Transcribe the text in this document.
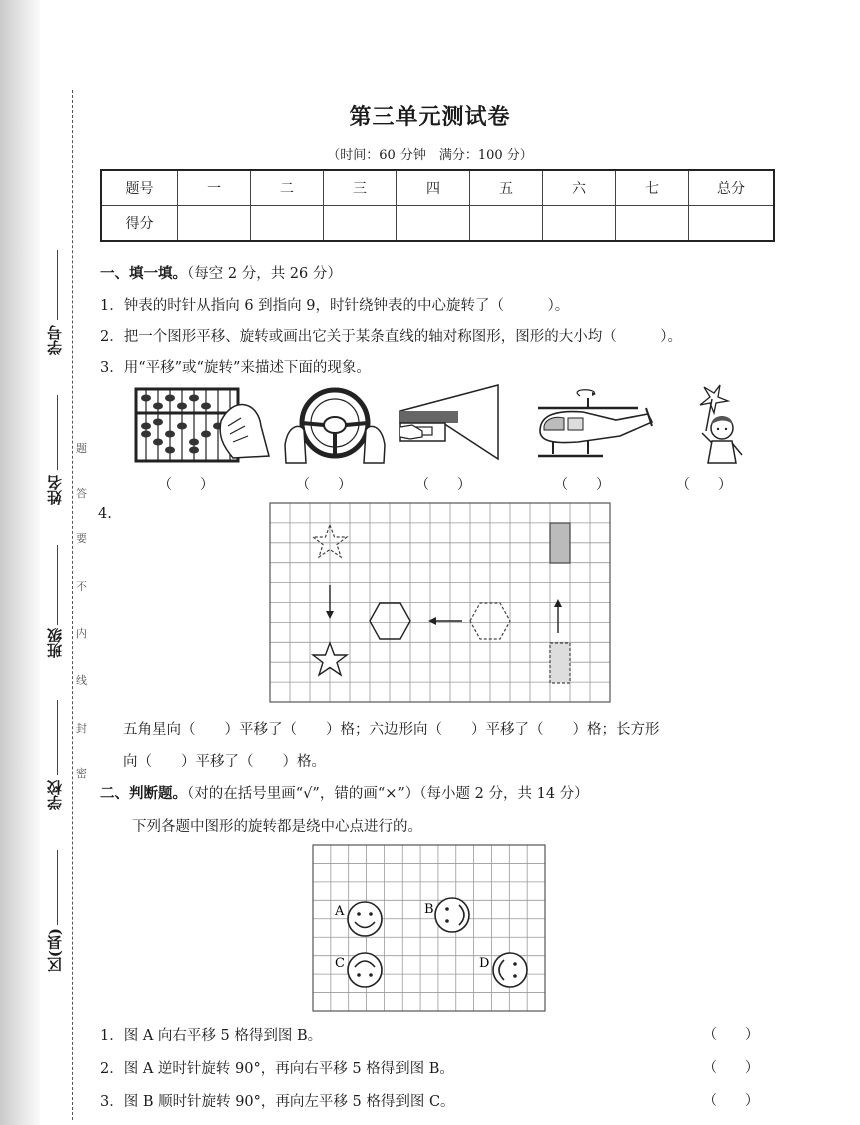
学号
姓名
班级
学校
区(县)
题
答
要
不
内
线
封
密
第三单元测试卷
（时间：60 分钟　满分：100 分）
题号	一	二	三	四	五	六	七	总分
得分								
一、填一填。（每空 2 分，共 26 分）
1．钟表的时针从指向 6 到指向 9，时针绕钟表的中心旋转了（　　　）。
2．把一个图形平移、旋转或画出它关于某条直线的轴对称图形，图形的大小均（　　　）。
3．用“平移”或“旋转”来描述下面的现象。
（　　）	（　　）	（　　）	（　　）	（　　）
4.
五角星向（　　）平移了（　　）格；六边形向（　　）平移了（　　）格；长方形
向（　　）平移了（　　）格。
二、判断题。（对的在括号里画“√”，错的画“×”）（每小题 2 分，共 14 分）
下列各题中图形的旋转都是绕中心点进行的。
A	B
C	D
1．图 A 向右平移 5 格得到图 B。	（　　）
2．图 A 逆时针旋转 90°，再向右平移 5 格得到图 B。	（　　）
3．图 B 顺时针旋转 90°，再向左平移 5 格得到图 C。	（　　）
